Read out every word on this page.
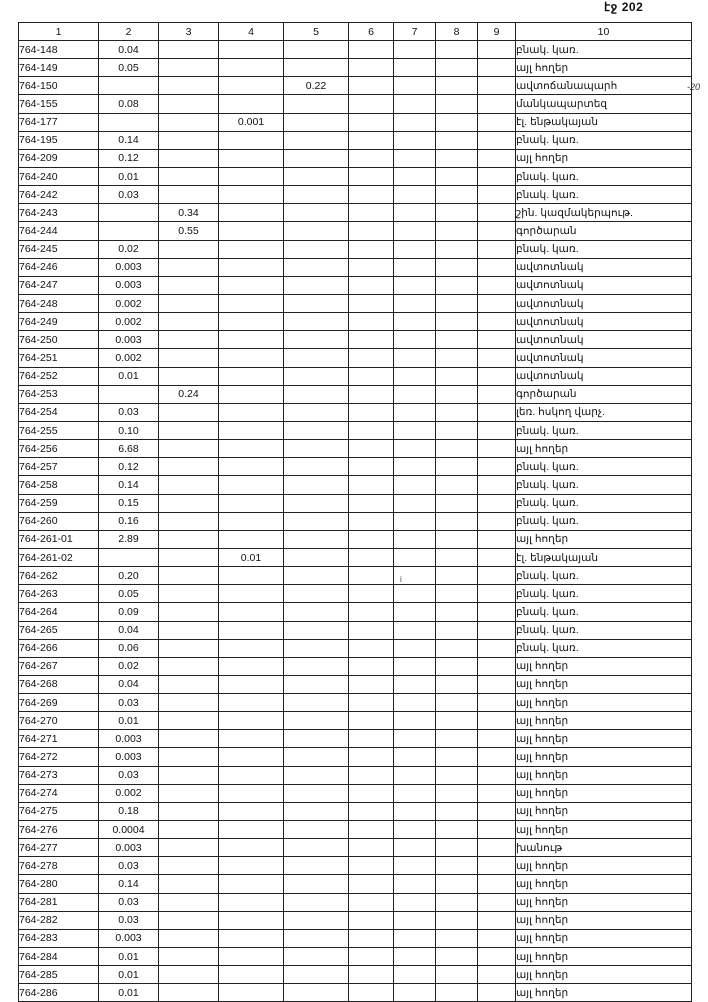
էջ 202
-20
i
1	2	3	4	5	6	7	8	9	10
764-148	0.04								բնակ. կառ.
764-149	0.05								այլ հողեր
764-150				0.22					ավտոճանապարհ
764-155	0.08								մանկապարտեզ
764-177			0.001						էլ. ենթակայան
764-195	0.14								բնակ. կառ.
764-209	0.12								այլ հողեր
764-240	0.01								բնակ. կառ.
764-242	0.03								բնակ. կառ.
764-243		0.34							շին. կազմակերպութ.
764-244		0.55							գործարան
764-245	0.02								բնակ. կառ.
764-246	0.003								ավտոտնակ
764-247	0.003								ավտոտնակ
764-248	0.002								ավտոտնակ
764-249	0.002								ավտոտնակ
764-250	0.003								ավտոտնակ
764-251	0.002								ավտոտնակ
764-252	0.01								ավտոտնակ
764-253		0.24							գործարան
764-254	0.03								լեռ. հսկող վարչ.
764-255	0.10								բնակ. կառ.
764-256	6.68								այլ հողեր
764-257	0.12								բնակ. կառ.
764-258	0.14								բնակ. կառ.
764-259	0.15								բնակ. կառ.
764-260	0.16								բնակ. կառ.
764-261-01	2.89								այլ հողեր
764-261-02			0.01						էլ. ենթակայան
764-262	0.20								բնակ. կառ.
764-263	0.05								բնակ. կառ.
764-264	0.09								բնակ. կառ.
764-265	0.04								բնակ. կառ.
764-266	0.06								բնակ. կառ.
764-267	0.02								այլ հողեր
764-268	0.04								այլ հողեր
764-269	0.03								այլ հողեր
764-270	0.01								այլ հողեր
764-271	0.003								այլ հողեր
764-272	0.003								այլ հողեր
764-273	0.03								այլ հողեր
764-274	0.002								այլ հողեր
764-275	0.18								այլ հողեր
764-276	0.0004								այլ հողեր
764-277	0.003								խանութ
764-278	0.03								այլ հողեր
764-280	0.14								այլ հողեր
764-281	0.03								այլ հողեր
764-282	0.03								այլ հողեր
764-283	0.003								այլ հողեր
764-284	0.01								այլ հողեր
764-285	0.01								այլ հողեր
764-286	0.01								այլ հողեր
